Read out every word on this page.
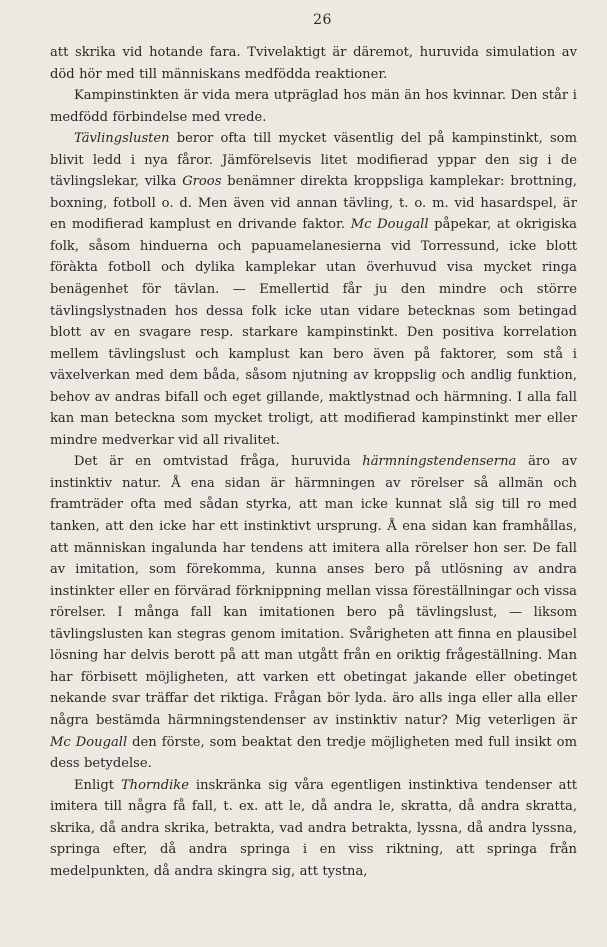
26

att skrika vid hotande fara. Tvivelaktigt är däremot, huruvida simulation av död hör med till människans medfödda reaktioner.

Kampinstinkten är vida mera utpräglad hos män än hos kvinnar. Den står i medfödd förbindelse med vrede.

Tävlingslusten beror ofta till mycket väsentlig del på kampinstinkt, som blivit ledd i nya fåror. Jämförelsevis litet modifierad yppar den sig i de tävlingslekar, vilka Groos benämner direkta kroppsliga kamplekar: brottning, boxning, fotboll o. d. Men även vid annan tävling, t. o. m. vid hasardspel, är en modifierad kamplust en drivande faktor. Mc Dougall påpekar, at okrigiska folk, såsom hinduerna och papuamelanesierna vid Torressund, icke blott föràkta fotboll och dylika kamplekar utan överhuvud visa mycket ringa benägenhet för tävlan. — Emellertid får ju den mindre och större tävlingslystnaden hos dessa folk icke utan vidare betecknas som betingad blott av en svagare resp. starkare kampinstinkt. Den positiva korrelation mellem tävlingslust och kamplust kan bero även på faktorer, som stå i växelverkan med dem båda, såsom njutning av kroppslig och andlig funktion, behov av andras bifall och eget gillande, maktlystnad och härmning. I alla fall kan man beteckna som mycket troligt, att modifierad kampinstinkt mer eller mindre medverkar vid all rivalitet.

Det är en omtvistad fråga, huruvida härmningstendenserna äro av instinktiv natur. Å ena sidan är härmningen av rörelser så allmän och framträder ofta med sådan styrka, att man icke kunnat slå sig till ro med tanken, att den icke har ett instinktivt ursprung. Å ena sidan kan framhållas, att människan ingalunda har tendens att imitera alla rörelser hon ser. De fall av imitation, som förekomma, kunna anses bero på utlösning av andra instinkter eller en förvärad förknippning mellan vissa föreställningar och vissa rörelser. I många fall kan imitationen bero på tävlingslust, — liksom tävlingslusten kan stegras genom imitation. Svårigheten att finna en plausibel lösning har delvis berott på att man utgått från en oriktig frågeställning. Man har förbisett möjligheten, att varken ett obetingat jakande eller obetinget nekande svar träffar det riktiga. Frågan bör lyda. äro alls inga eller alla eller några bestämda härmningstendenser av instinktiv natur? Mig veterligen är Mc Dougall den förste, som beaktat den tredje möjligheten med full insikt om dess betydelse.

Enligt Thorndike inskränka sig våra egentligen instinktiva tendenser att imitera till några få fall, t. ex. att le, då andra le, skratta, då andra skratta, skrika, då andra skrika, betrakta, vad andra betrakta, lyssna, då andra lyssna, springa efter, då andra springa i en viss riktning, att springa från medelpunkten, då andra skingra sig, att tystna,
